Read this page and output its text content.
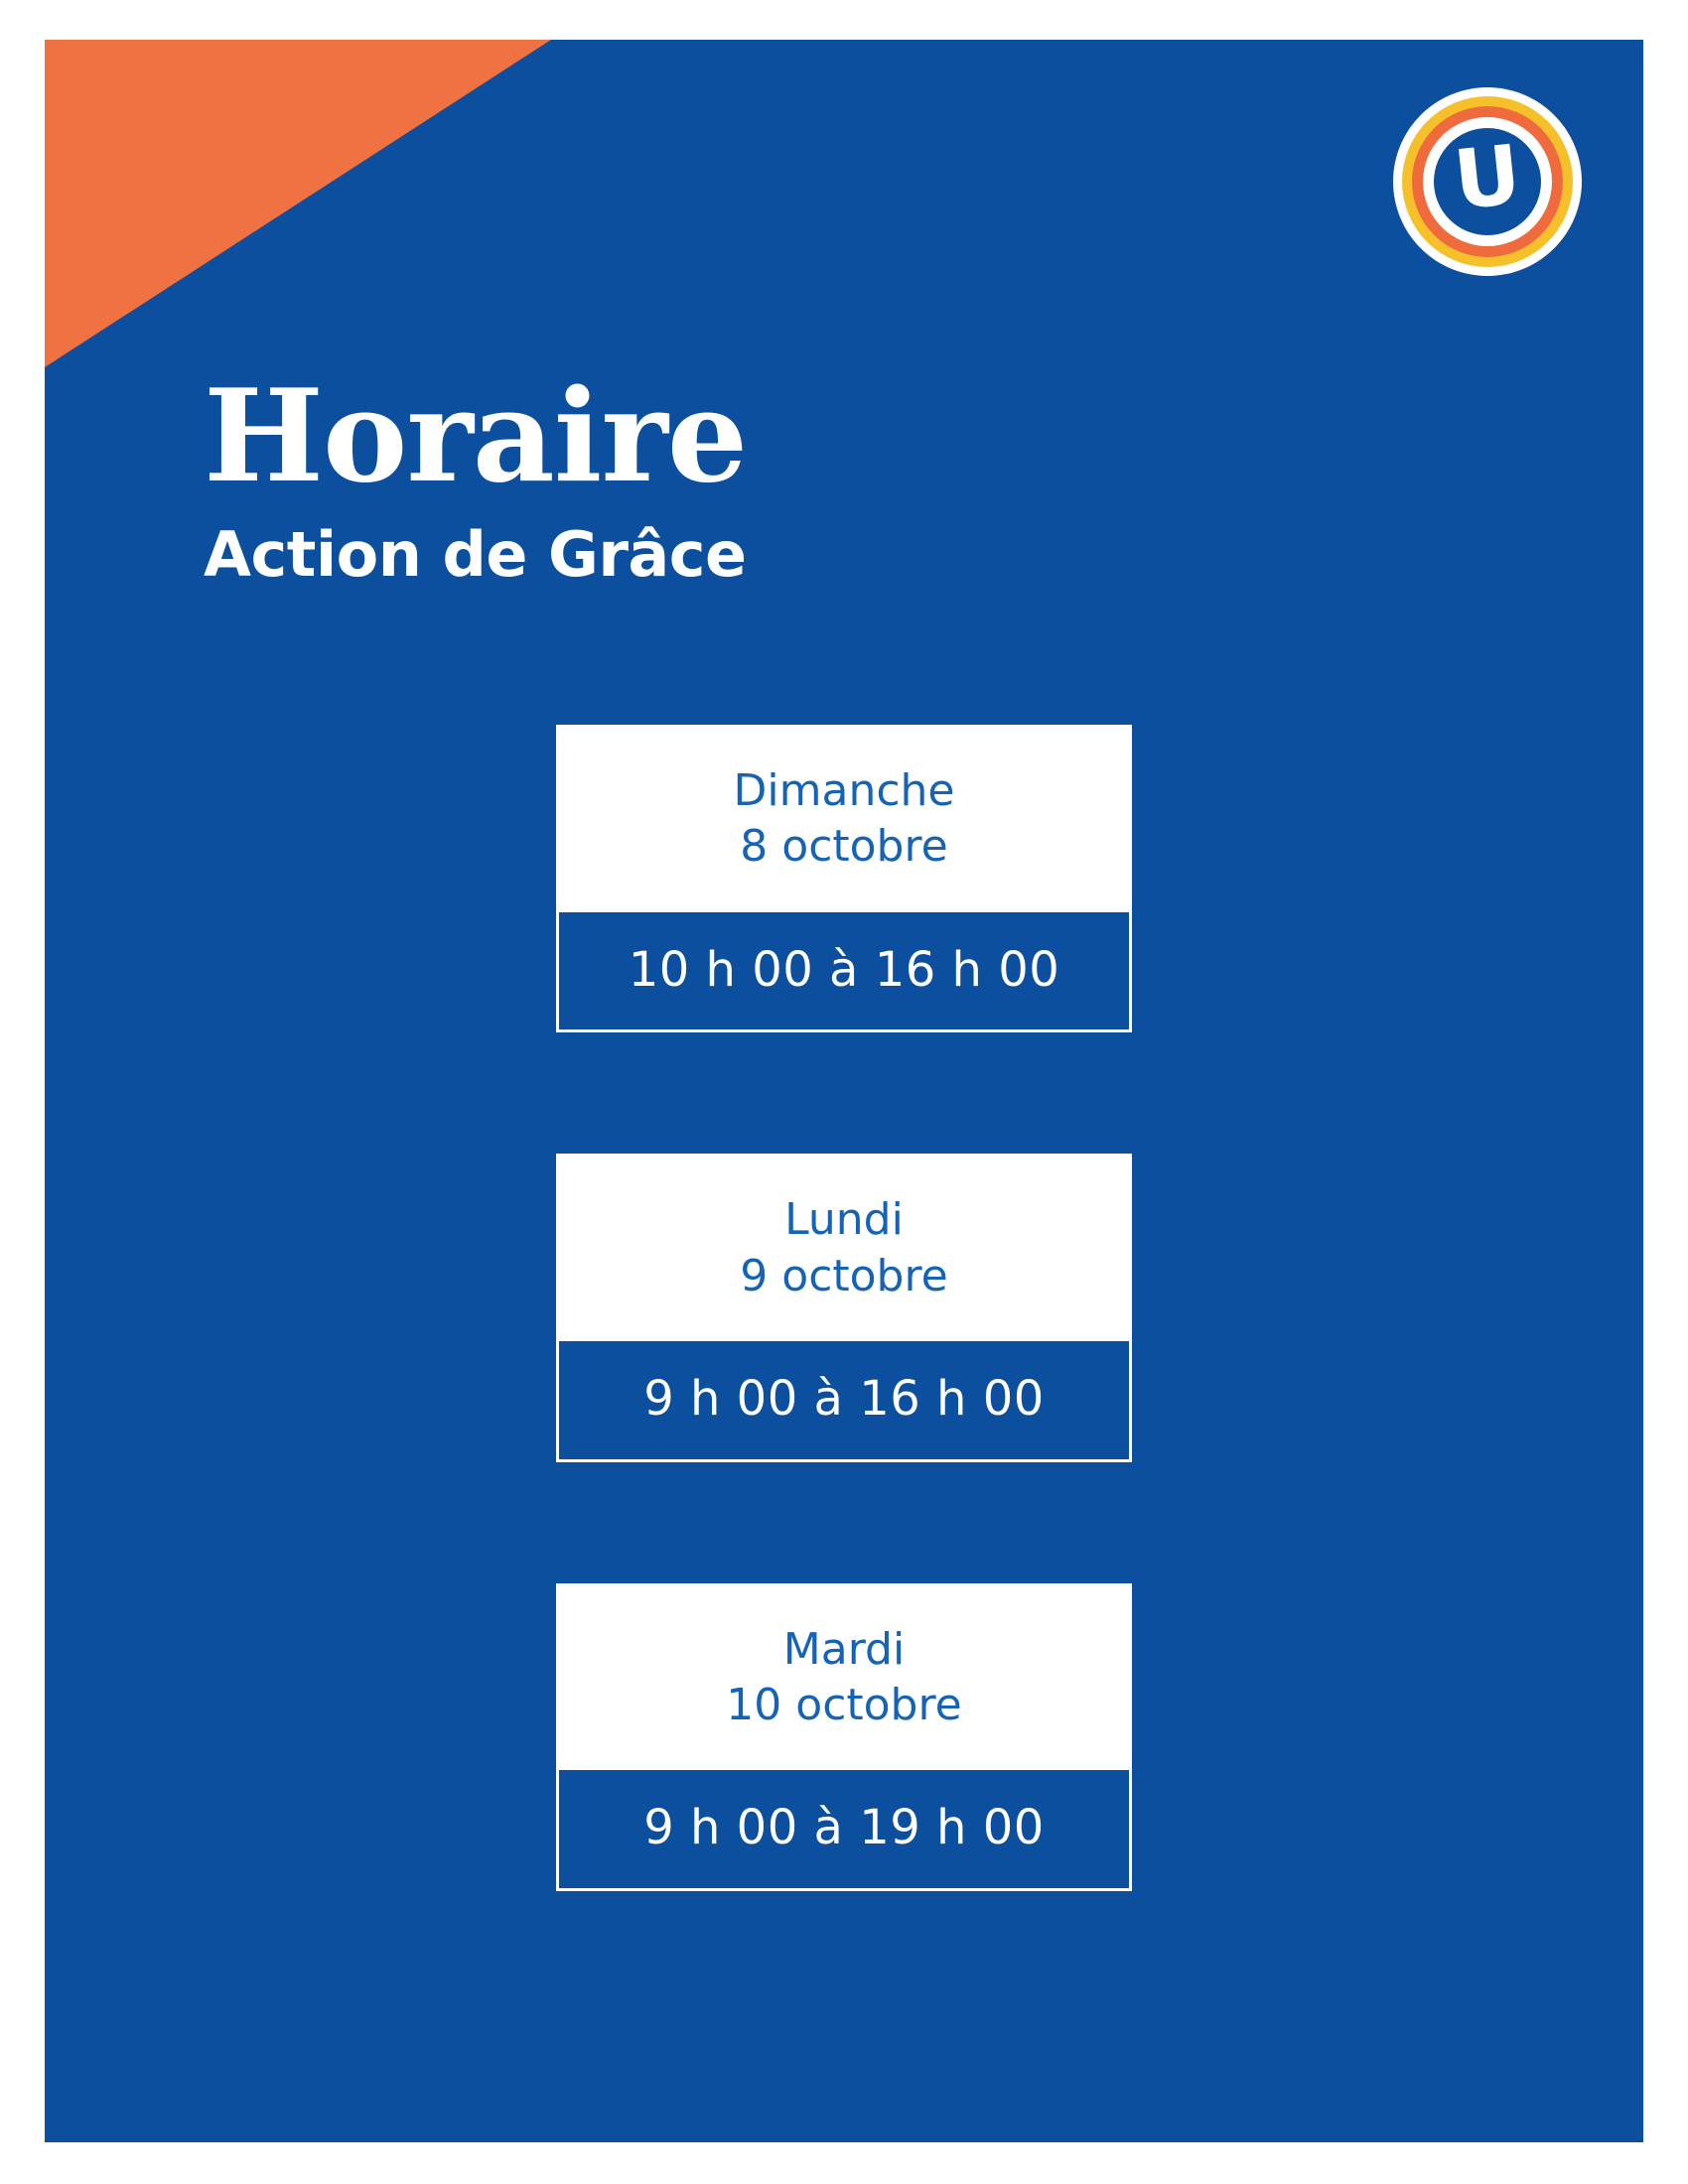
U
Horaire
Action de Grâce
Dimanche
8 octobre
10 h 00 à 16 h 00
Lundi
9 octobre
9 h 00 à 16 h 00
Mardi
10 octobre
9 h 00 à 19 h 00
